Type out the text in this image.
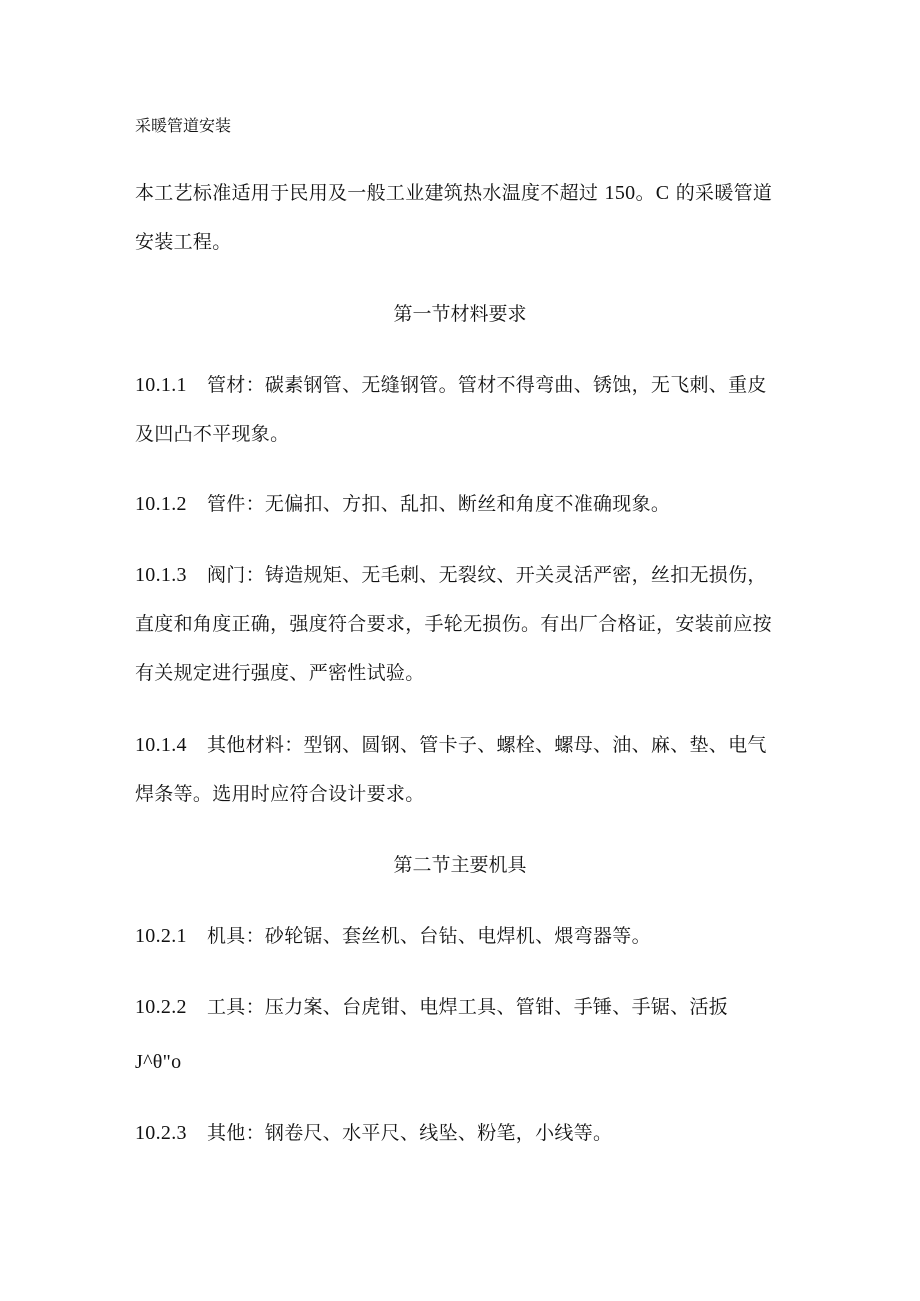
采暖管道安装
本工艺标准适用于民用及一般工业建筑热水温度不超过 150。C 的采暖管道
安装工程。
第一节材料要求
10.1.1 管材：碳素钢管、无缝钢管。管材不得弯曲、锈蚀，无飞刺、重皮
及凹凸不平现象。
10.1.2 管件：无偏扣、方扣、乱扣、断丝和角度不准确现象。
10.1.3 阀门：铸造规矩、无毛刺、无裂纹、开关灵活严密，丝扣无损伤，
直度和角度正确，强度符合要求，手轮无损伤。有出厂合格证，安装前应按
有关规定进行强度、严密性试验。
10.1.4 其他材料：型钢、圆钢、管卡子、螺栓、螺母、油、麻、垫、电气
焊条等。选用时应符合设计要求。
第二节主要机具
10.2.1 机具：砂轮锯、套丝机、台钻、电焊机、煨弯器等。
10.2.2 工具：压力案、台虎钳、电焊工具、管钳、手锤、手锯、活扳
J^θ"o
10.2.3 其他：钢卷尺、水平尺、线坠、粉笔，小线等。
